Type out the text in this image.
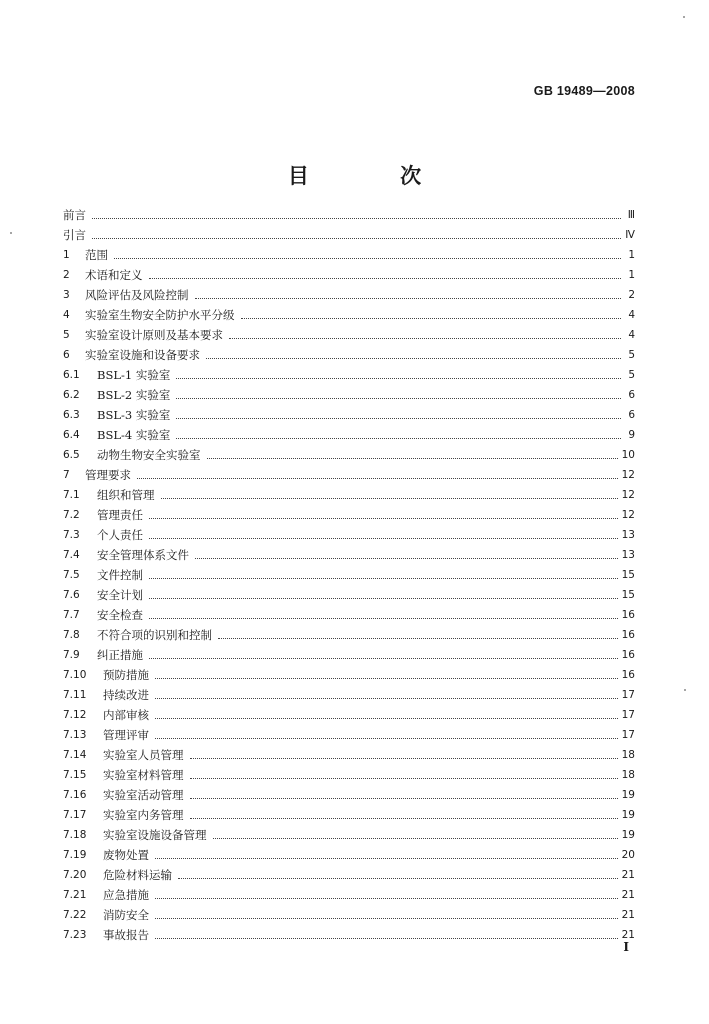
GB 19489—2008
目 次
前言	Ⅲ
引言	Ⅳ
1	范围	1
2	术语和定义	1
3	风险评估及风险控制	2
4	实验室生物安全防护水平分级	4
5	实验室设计原则及基本要求	4
6	实验室设施和设备要求	5
6.1	BSL-1 实验室	5
6.2	BSL-2 实验室	6
6.3	BSL-3 实验室	6
6.4	BSL-4 实验室	9
6.5	动物生物安全实验室	10
7	管理要求	12
7.1	组织和管理	12
7.2	管理责任	12
7.3	个人责任	13
7.4	安全管理体系文件	13
7.5	文件控制	15
7.6	安全计划	15
7.7	安全检查	16
7.8	不符合项的识别和控制	16
7.9	纠正措施	16
7.10	预防措施	16
7.11	持续改进	17
7.12	内部审核	17
7.13	管理评审	17
7.14	实验室人员管理	18
7.15	实验室材料管理	18
7.16	实验室活动管理	19
7.17	实验室内务管理	19
7.18	实验室设施设备管理	19
7.19	废物处置	20
7.20	危险材料运输	21
7.21	应急措施	21
7.22	消防安全	21
7.23	事故报告	21
Ⅰ
